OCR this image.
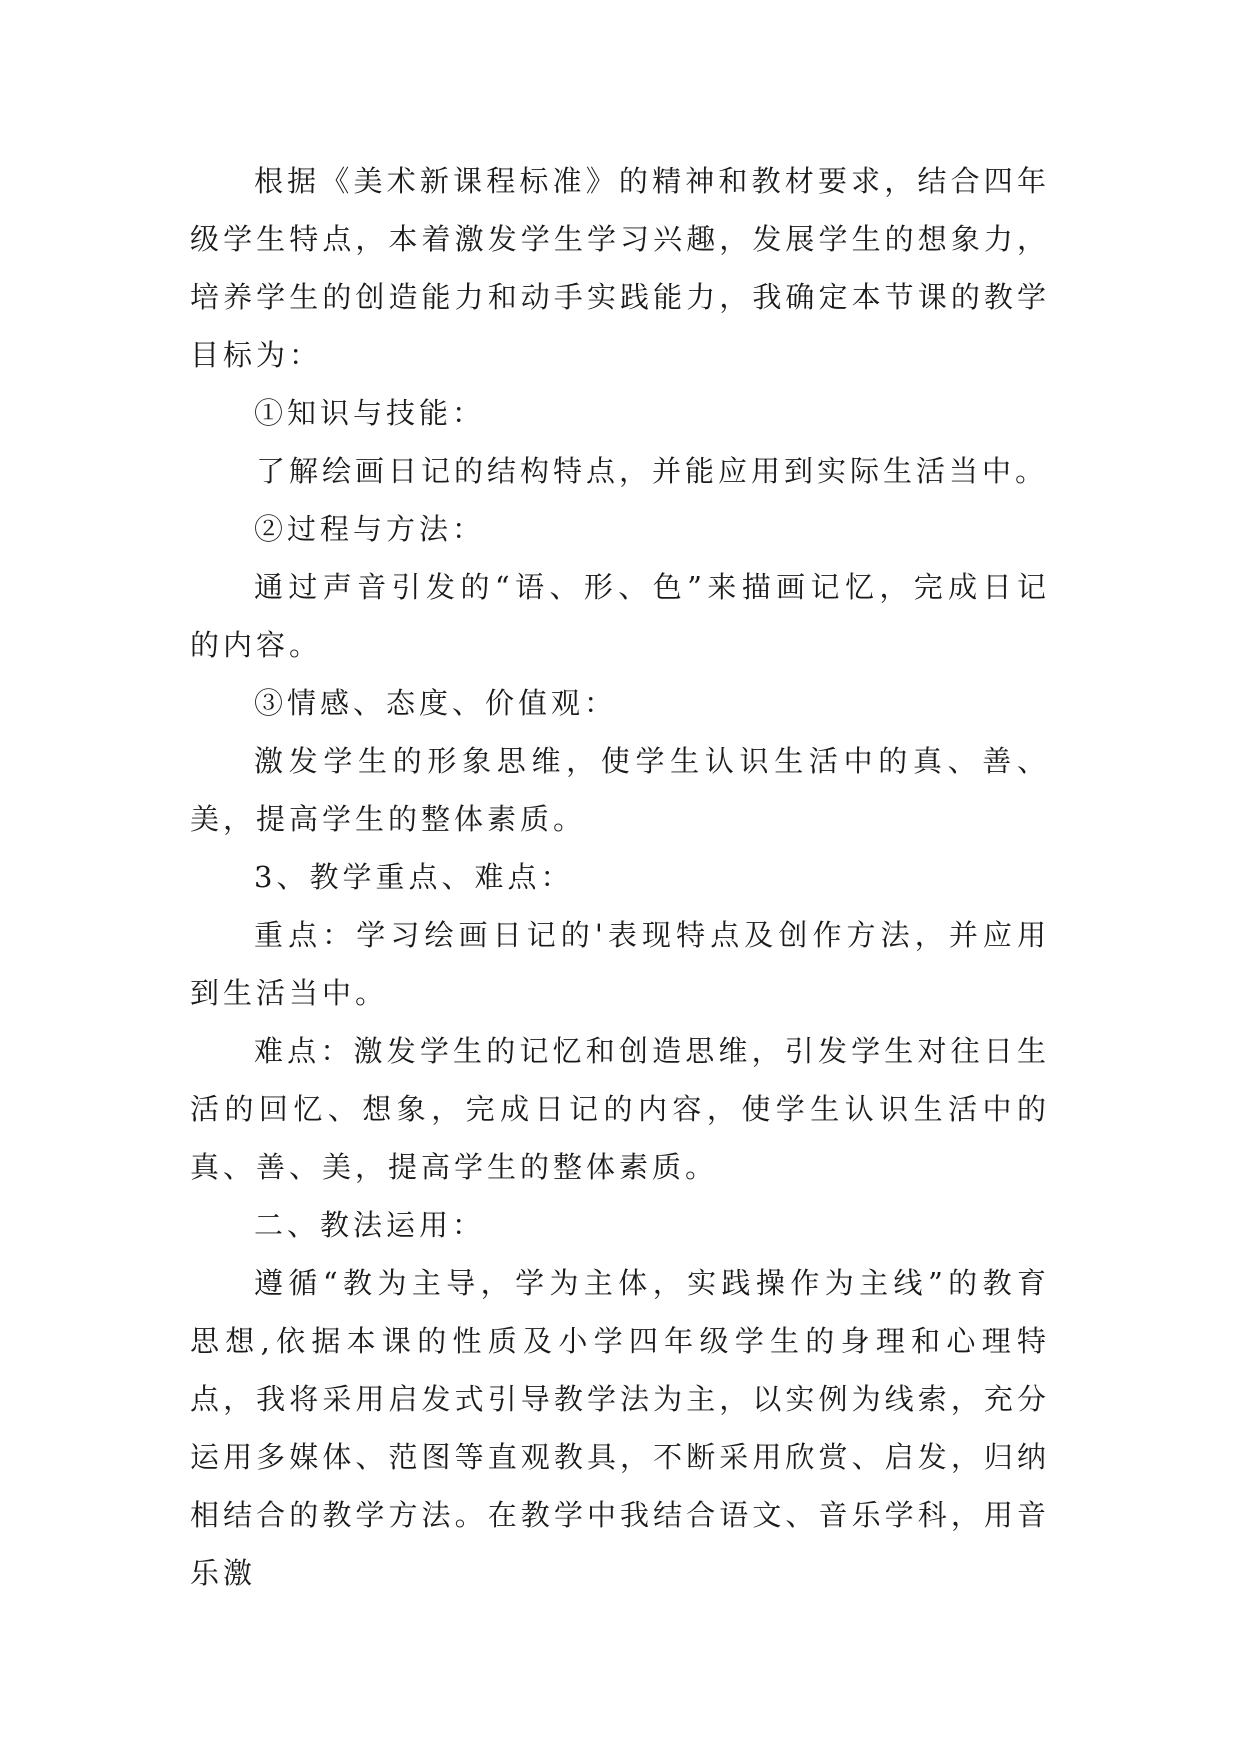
根据《美术新课程标准》的精神和教材要求，结合四年级学生特点，本着激发学生学习兴趣，发展学生的想象力，培养学生的创造能力和动手实践能力，我确定本节课的教学目标为：

①知识与技能：

了解绘画日记的结构特点，并能应用到实际生活当中。

②过程与方法：

通过声音引发的“语、形、色”来描画记忆，完成日记的内容。

③情感、态度、价值观：

激发学生的形象思维，使学生认识生活中的真、善、美，提高学生的整体素质。

3、教学重点、难点：

重点：学习绘画日记的'表现特点及创作方法，并应用到生活当中。

难点：激发学生的记忆和创造思维，引发学生对往日生活的回忆、想象，完成日记的内容，使学生认识生活中的真、善、美，提高学生的整体素质。

二、教法运用：

遵循“教为主导，学为主体，实践操作为主线”的教育思想,依据本课的性质及小学四年级学生的身理和心理特点，我将采用启发式引导教学法为主，以实例为线索，充分运用多媒体、范图等直观教具，不断采用欣赏、启发，归纳相结合的教学方法。在教学中我结合语文、音乐学科，用音乐激
